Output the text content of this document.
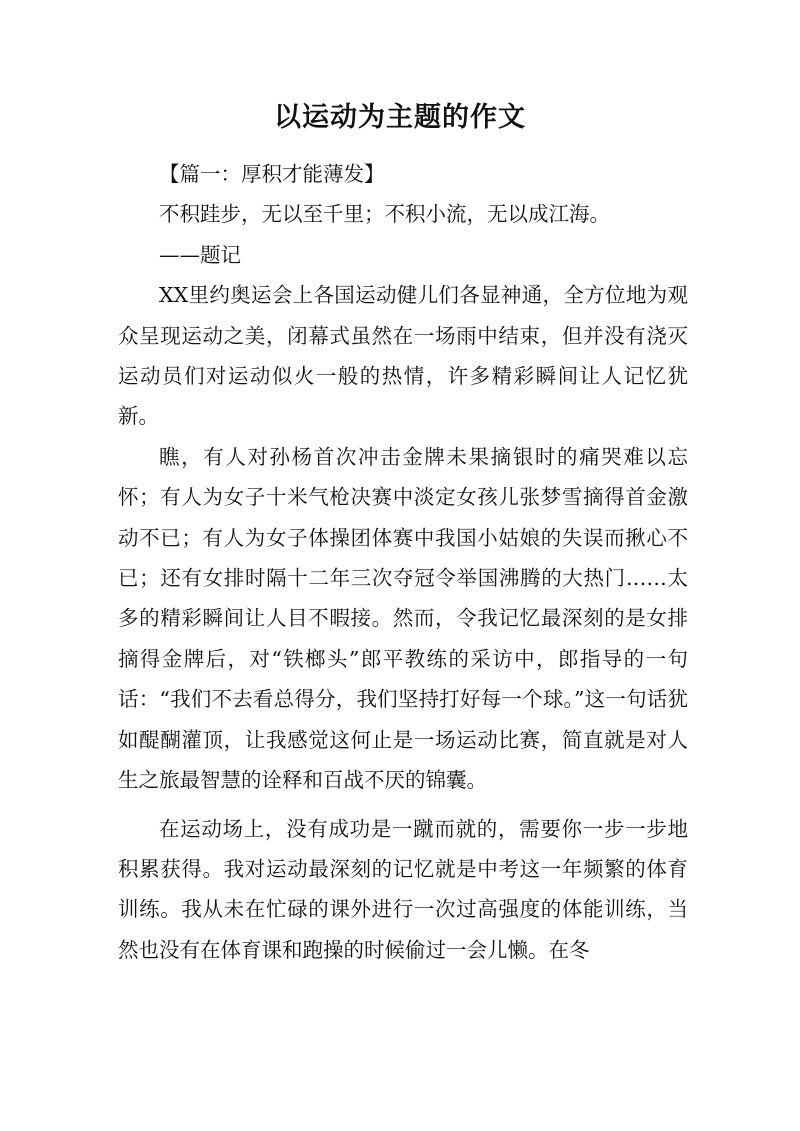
以运动为主题的作文

【篇一：厚积才能薄发】

不积跬步，无以至千里；不积小流，无以成江海。

——题记

XX里约奥运会上各国运动健儿们各显神通，全方位地为观众呈现运动之美，闭幕式虽然在一场雨中结束，但并没有浇灭运动员们对运动似火一般的热情，许多精彩瞬间让人记忆犹新。

瞧，有人对孙杨首次冲击金牌未果摘银时的痛哭难以忘怀；有人为女子十米气枪决赛中淡定女孩儿张梦雪摘得首金激动不已；有人为女子体操团体赛中我国小姑娘的失误而揪心不已；还有女排时隔十二年三次夺冠令举国沸腾的大热门……太多的精彩瞬间让人目不暇接。然而，令我记忆最深刻的是女排摘得金牌后，对“铁榔头”郎平教练的采访中，郎指导的一句话：“我们不去看总得分，我们坚持打好每一个球。”这一句话犹如醍醐灌顶，让我感觉这何止是一场运动比赛，简直就是对人生之旅最智慧的诠释和百战不厌的锦囊。

在运动场上，没有成功是一蹴而就的，需要你一步一步地积累获得。我对运动最深刻的记忆就是中考这一年频繁的体育训练。我从未在忙碌的课外进行一次过高强度的体能训练，当然也没有在体育课和跑操的时候偷过一会儿懒。在冬
